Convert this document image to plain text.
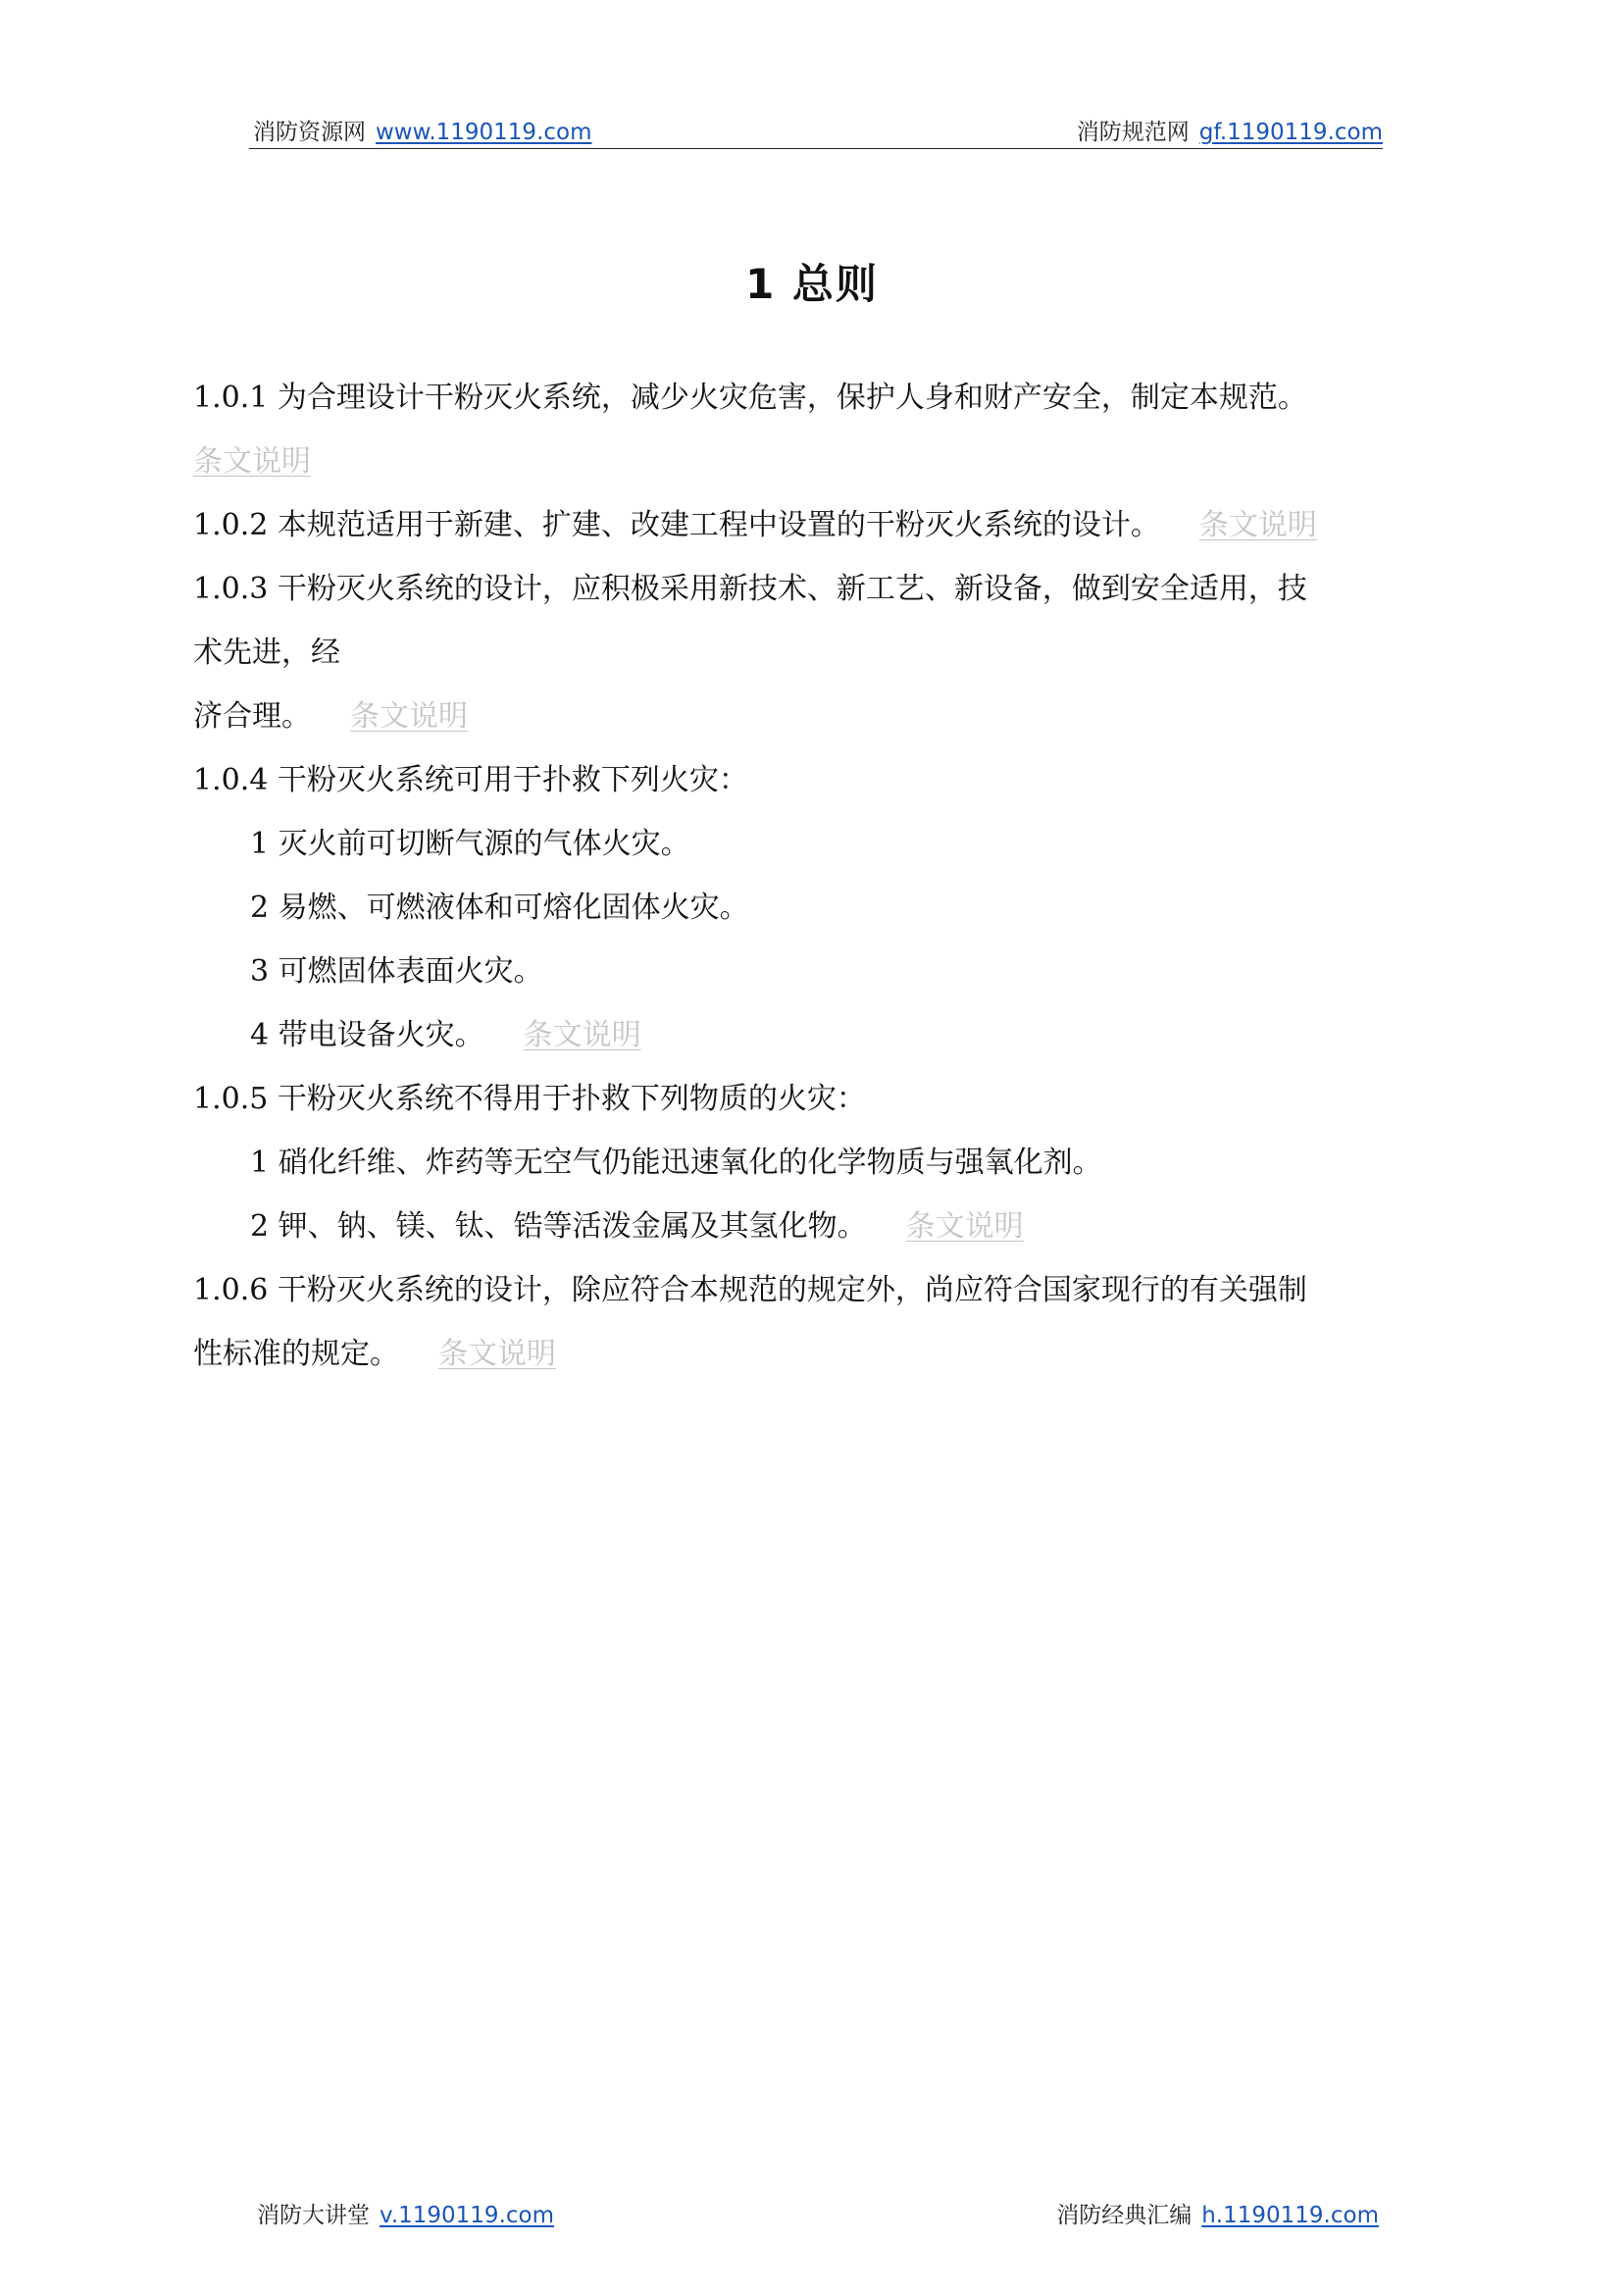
消防资源网 www.1190119.com	消防规范网 gf.1190119.com
1 总则
1.0.1 为合理设计干粉灭火系统，减少火灾危害，保护人身和财产安全，制定本规范。
条文说明
1.0.2 本规范适用于新建、扩建、改建工程中设置的干粉灭火系统的设计。 条文说明
1.0.3 干粉灭火系统的设计，应积极采用新技术、新工艺、新设备，做到安全适用，技
术先进，经
济合理。 条文说明
1.0.4 干粉灭火系统可用于扑救下列火灾：
1 灭火前可切断气源的气体火灾。
2 易燃、可燃液体和可熔化固体火灾。
3 可燃固体表面火灾。
4 带电设备火灾。 条文说明
1.0.5 干粉灭火系统不得用于扑救下列物质的火灾：
1 硝化纤维、炸药等无空气仍能迅速氧化的化学物质与强氧化剂。
2 钾、钠、镁、钛、锆等活泼金属及其氢化物。 条文说明
1.0.6 干粉灭火系统的设计，除应符合本规范的规定外，尚应符合国家现行的有关强制
性标准的规定。 条文说明
消防大讲堂 v.1190119.com	消防经典汇编 h.1190119.com
